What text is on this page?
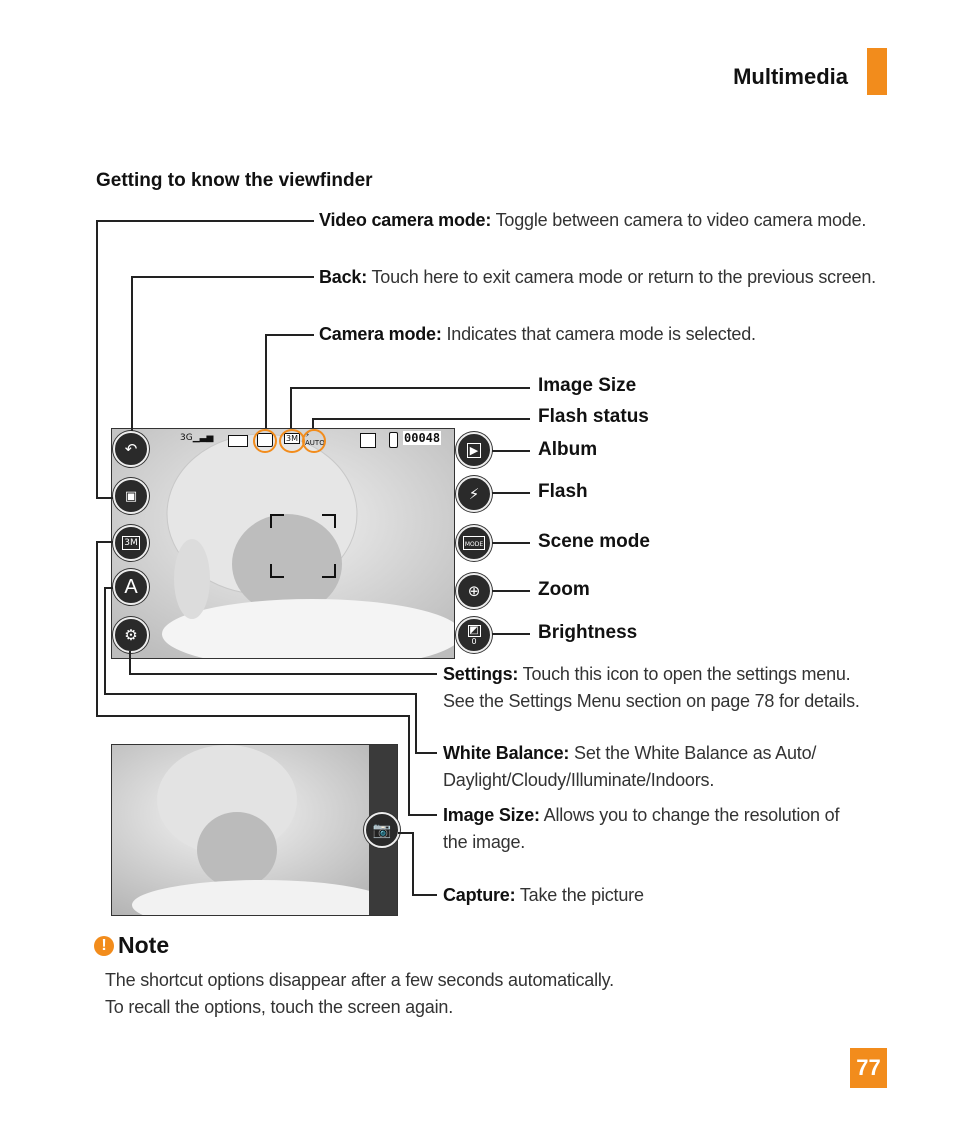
Multimedia
Getting to know the viewfinder
Video camera mode: Toggle between camera to video camera mode.
Back: Touch here to exit camera mode or return to the previous screen.
Camera mode: Indicates that camera mode is selected.
Image Size
Flash status
Album
Flash
Scene mode
Zoom
Brightness
3G▁▃▅	3M ⚡
AUTO	00048
↶
▣
3M
A
⚙
▶
⚡
MODE
⊕
◩
0
📷
Settings: Touch this icon to open the settings menu.
See the Settings Menu section on page 78 for details.
White Balance: Set the White Balance as Auto/
Daylight/Cloudy/Illuminate/Indoors.
Image Size: Allows you to change the resolution of
the image.
Capture: Take the picture
! Note
The shortcut options disappear after a few seconds automatically.
To recall the options, touch the screen again.
77
